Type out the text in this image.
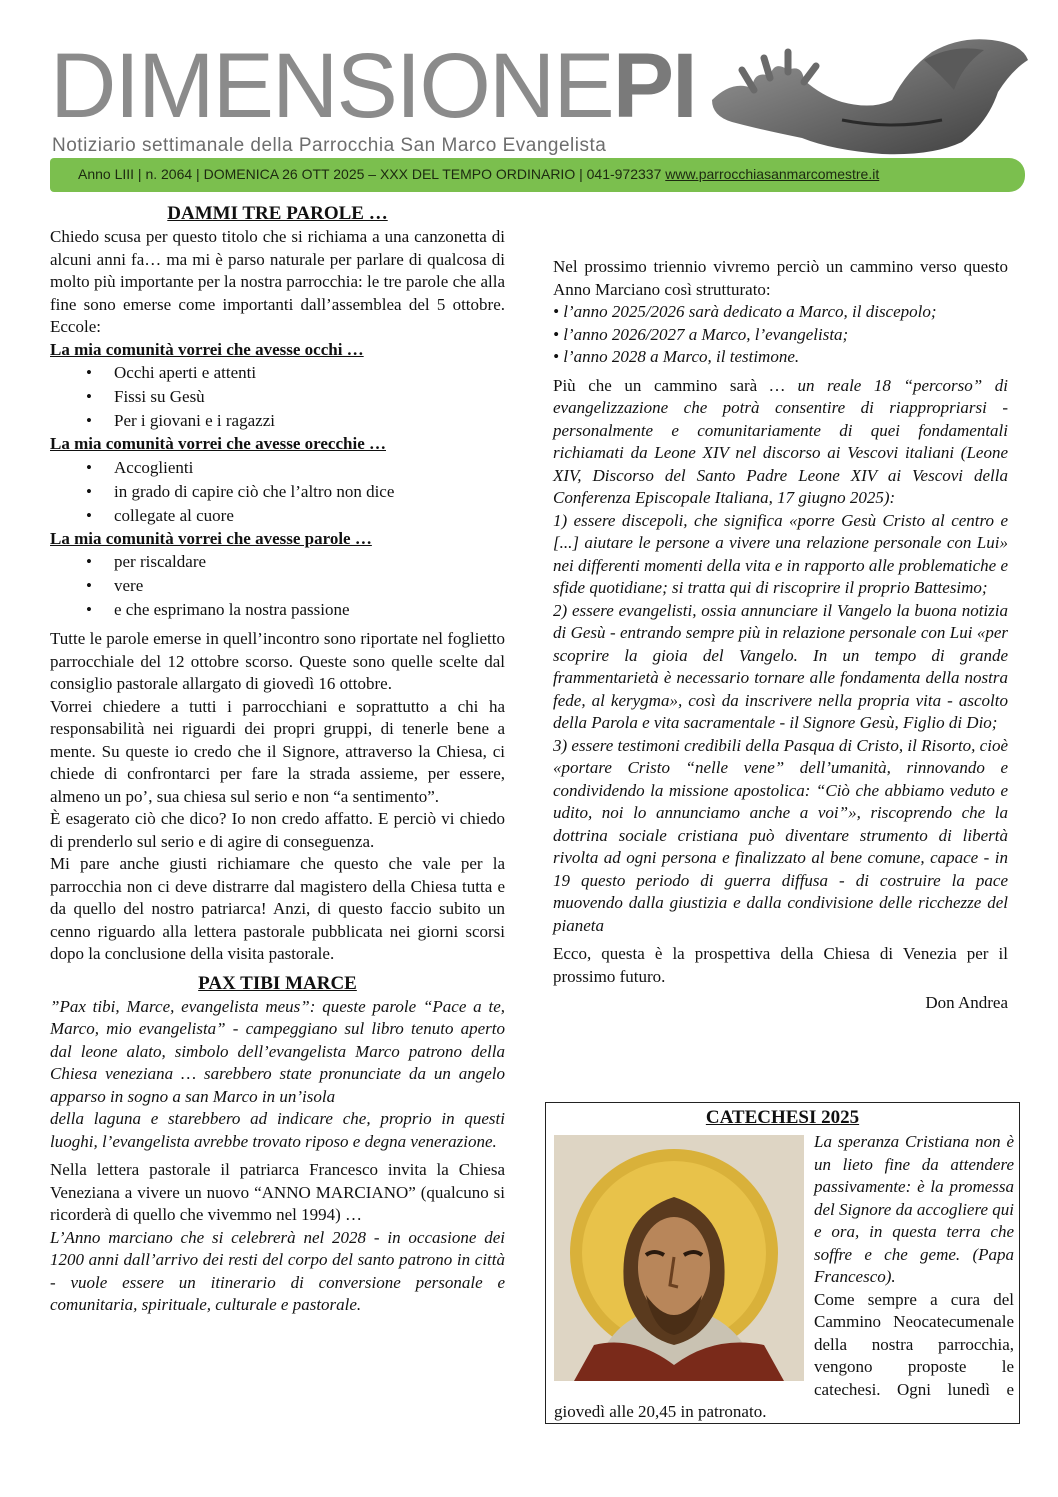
DIMENSIONEPI

Notiziario settimanale della Parrocchia San Marco Evangelista

Anno LIII | n. 2064 | DOMENICA 26 OTT 2025 – XXX DEL TEMPO ORDINARIO | 041-972337 www.parrocchiasanmarcomestre.it
DAMMI TRE PAROLE …

Chiedo scusa per questo titolo che si richiama a una canzonetta di alcuni anni fa… ma mi è parso naturale per parlare di qualcosa di molto più importante per la nostra parrocchia: le tre parole che alla fine sono emerse come importanti dall’assemblea del 5 ottobre. Eccole:

La mia comunità vorrei che avesse occhi …

• Occhi aperti e attenti
• Fissi su Gesù
• Per i giovani e i ragazzi

La mia comunità vorrei che avesse orecchie …

• Accoglienti
• in grado di capire ciò che l’altro non dice
• collegate al cuore

La mia comunità vorrei che avesse parole …

• per riscaldare
• vere
• e che esprimano la nostra passione

Tutte le parole emerse in quell’incontro sono riportate nel foglietto parrocchiale del 12 ottobre scorso. Queste sono quelle scelte dal consiglio pastorale allargato di giovedì 16 ottobre.

Vorrei chiedere a tutti i parrocchiani e soprattutto a chi ha responsabilità nei riguardi dei propri gruppi, di tenerle bene a mente. Su queste io credo che il Signore, attraverso la Chiesa, ci chiede di confrontarci per fare la strada assieme, per essere, almeno un po’, sua chiesa sul serio e non “a sentimento”.

È esagerato ciò che dico? Io non credo affatto. E perciò vi chiedo di prenderlo sul serio e di agire di conseguenza.

Mi pare anche giusti richiamare che questo che vale per la parrocchia non ci deve distrarre dal magistero della Chiesa tutta e da quello del nostro patriarca! Anzi, di questo faccio subito un cenno riguardo alla lettera pastorale pubblicata nei giorni scorsi dopo la conclusione della visita pastorale.

PAX TIBI MARCE

”Pax tibi, Marce, evangelista meus”: queste parole “Pace a te, Marco, mio evangelista” - campeggiano sul libro tenuto aperto dal leone alato, simbolo dell’evangelista Marco patrono della Chiesa veneziana … sarebbero state pronunciate da un angelo apparso in sogno a san Marco in un’isola

della laguna e starebbero ad indicare che, proprio in questi luoghi, l’evangelista avrebbe trovato riposo e degna venerazione.

Nella lettera pastorale il patriarca Francesco invita la Chiesa Veneziana a vivere un nuovo “ANNO MARCIANO” (qualcuno si ricorderà di quello che vivemmo nel 1994) …

L’Anno marciano che si celebrerà nel 2028 - in occasione dei 1200 anni dall’arrivo dei resti del corpo del santo patrono in città - vuole essere un itinerario di conversione personale e comunitaria, spirituale, culturale e pastorale.

Nel prossimo triennio vivremo perciò un cammino verso questo Anno Marciano così strutturato:

• l’anno 2025/2026 sarà dedicato a Marco, il discepolo;

• l’anno 2026/2027 a Marco, l’evangelista;

• l’anno 2028 a Marco, il testimone.

Più che un cammino sarà … un reale 18 “percorso” di evangelizzazione che potrà consentire di riappropriarsi - personalmente e comunitariamente di quei fondamentali richiamati da Leone XIV nel discorso ai Vescovi italiani (Leone XIV, Discorso del Santo Padre Leone XIV ai Vescovi della Conferenza Episcopale Italiana, 17 giugno 2025):

1) essere discepoli, che significa «porre Gesù Cristo al centro e [...] aiutare le persone a vivere una relazione personale con Lui» nei differenti momenti della vita e in rapporto alle problematiche e sfide quotidiane; si tratta qui di riscoprire il proprio Battesimo;

2) essere evangelisti, ossia annunciare il Vangelo la buona notizia di Gesù - entrando sempre più in relazione personale con Lui «per scoprire la gioia del Vangelo. In un tempo di grande frammentarietà è necessario tornare alle fondamenta della nostra fede, al kerygma», così da inscrivere nella propria vita - ascolto della Parola e vita sacramentale - il Signore Gesù, Figlio di Dio;

3) essere testimoni credibili della Pasqua di Cristo, il Risorto, cioè «portare Cristo “nelle vene” dell’umanità, rinnovando e condividendo la missione apostolica: “Ciò che abbiamo veduto e udito, noi lo annunciamo anche a voi”», riscoprendo che la dottrina sociale cristiana può diventare strumento di libertà rivolta ad ogni persona e finalizzato al bene comune, capace - in 19 questo periodo di guerra diffusa - di costruire la pace muovendo dalla giustizia e dalla condivisione delle ricchezze del pianeta

Ecco, questa è la prospettiva della Chiesa di Venezia per il prossimo futuro.

Don Andrea

CATECHESI 2025

La speranza Cristiana non è un lieto fine da attendere passivamente: è la promessa del Signore da accogliere qui e ora, in questa terra che soffre e che geme. (Papa Francesco).

Come sempre a cura del Cammino Neocatecumenale della nostra parrocchia, vengono proposte le catechesi. Ogni lunedì e giovedì alle 20,45 in patronato.
